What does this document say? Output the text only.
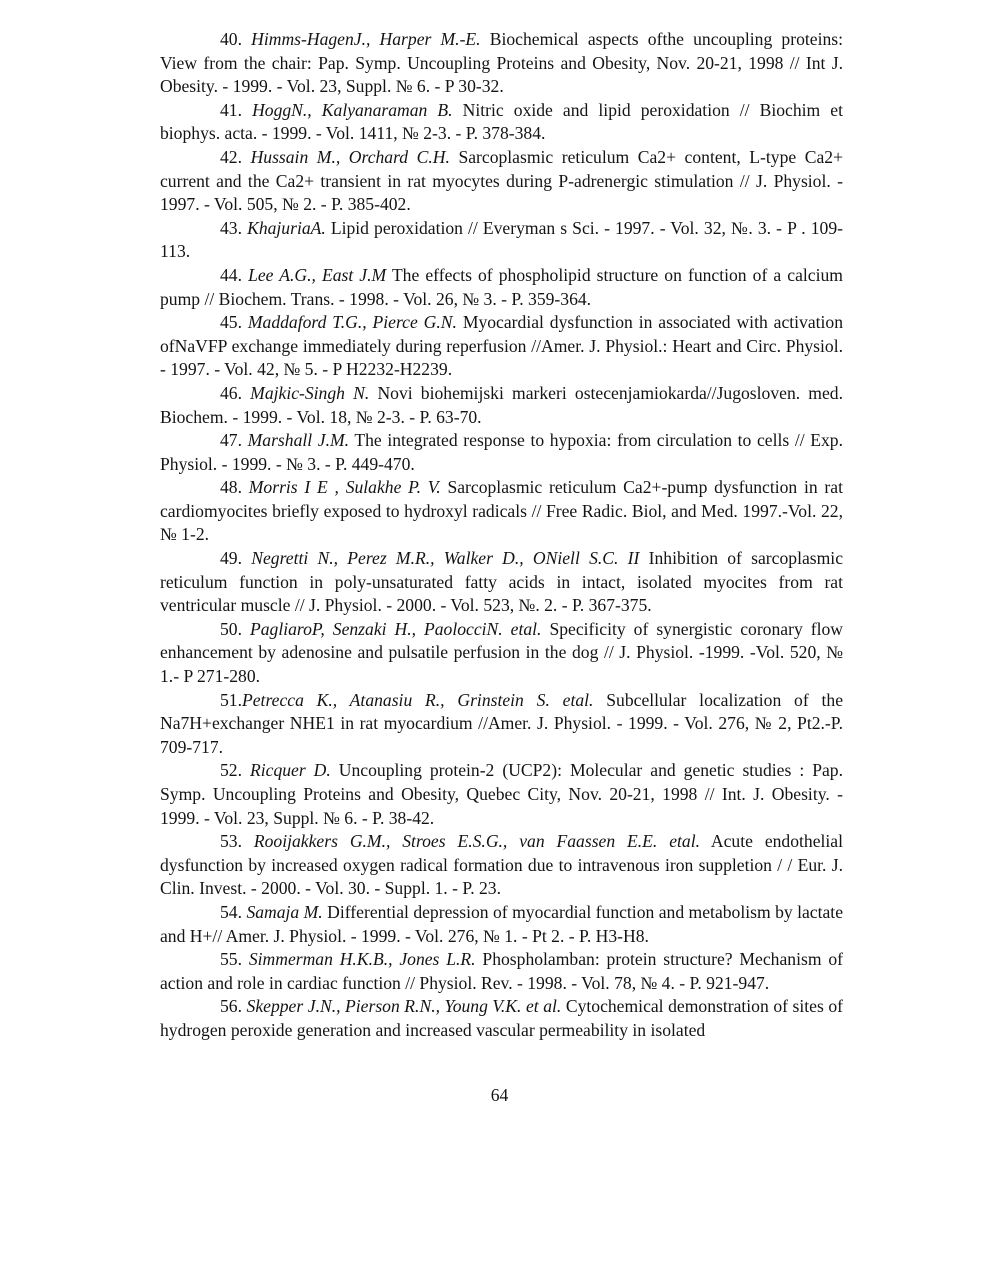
40. Himms-HagenJ., Harper M.-E. Biochemical aspects ofthe uncoupling proteins: View from the chair: Pap. Symp. Uncoupling Proteins and Obesity, Nov. 20-21, 1998 // Int J. Obesity. - 1999. - Vol. 23, Suppl. № 6. - P 30-32.

41. HoggN., Kalyanaraman B. Nitric oxide and lipid peroxidation // Biochim et biophys. acta. - 1999. - Vol. 1411, № 2-3. - P. 378-384.

42. Hussain M., Orchard C.H. Sarcoplasmic reticulum Ca2+ content, L-type Ca2+ current and the Ca2+ transient in rat myocytes during P-adrenergic stimulation // J. Physiol. - 1997. - Vol. 505, № 2. - P. 385-402.

43. KhajuriaA. Lipid peroxidation // Everyman s Sci. - 1997. - Vol. 32, №. 3. - P . 109-113.

44. Lee A.G., East J.M The effects of phospholipid structure on function of a calcium pump // Biochem. Trans. - 1998. - Vol. 26, № 3. - P. 359-364.

45. Maddaford T.G., Pierce G.N. Myocardial dysfunction in associated with activation ofNaVFP exchange immediately during reperfusion //Amer. J. Physiol.: Heart and Circ. Physiol. - 1997. - Vol. 42, № 5. - P H2232-H2239.

46. Majkic-Singh N. Novi biohemijski markeri ostecenjamiokarda//Jugosloven. med. Biochem. - 1999. - Vol. 18, № 2-3. - P. 63-70.

47. Marshall J.M. The integrated response to hypoxia: from circulation to cells // Exp. Physiol. - 1999. - № 3. - P. 449-470.

48. Morris I E , Sulakhe P. V. Sarcoplasmic reticulum Ca2+-pump dysfunction in rat cardiomyocites briefly exposed to hydroxyl radicals // Free Radic. Biol, and Med. 1997.-Vol. 22, № 1-2.

49. Negretti N., Perez M.R., Walker D., ONiell S.C. II Inhibition of sarcoplasmic reticulum function in poly-unsaturated fatty acids in intact, isolated myocites from rat ventricular muscle // J. Physiol. - 2000. - Vol. 523, №. 2. - P. 367-375.

50. PagliaroP, Senzaki H., PaolocciN. etal. Specificity of synergistic coronary flow enhancement by adenosine and pulsatile perfusion in the dog // J. Physiol. -1999. -Vol. 520, № 1.- P 271-280.

51.Petrecca K., Atanasiu R., Grinstein S. etal. Subcellular localization of the Na7H+exchanger NHE1 in rat myocardium //Amer. J. Physiol. - 1999. - Vol. 276, № 2, Pt2.-P. 709-717.

52. Ricquer D. Uncoupling protein-2 (UCP2): Molecular and genetic studies : Pap. Symp. Uncoupling Proteins and Obesity, Quebec City, Nov. 20-21, 1998 // Int. J. Obesity. - 1999. - Vol. 23, Suppl. № 6. - P. 38-42.

53. Rooijakkers G.M., Stroes E.S.G., van Faassen E.E. etal. Acute endothelial dysfunction by increased oxygen radical formation due to intravenous iron suppletion / / Eur. J. Clin. Invest. - 2000. - Vol. 30. - Suppl. 1. - P. 23.

54. Samaja M. Differential depression of myocardial function and metabolism by lactate and H+// Amer. J. Physiol. - 1999. - Vol. 276, № 1. - Pt 2. - P. H3-H8.

55. Simmerman H.K.B., Jones L.R. Phospholamban: protein structure? Mechanism of action and role in cardiac function // Physiol. Rev. - 1998. - Vol. 78, № 4. - P. 921-947.

56. Skepper J.N., Pierson R.N., Young V.K. et al. Cytochemical demonstration of sites of hydrogen peroxide generation and increased vascular permeability in isolated

64
